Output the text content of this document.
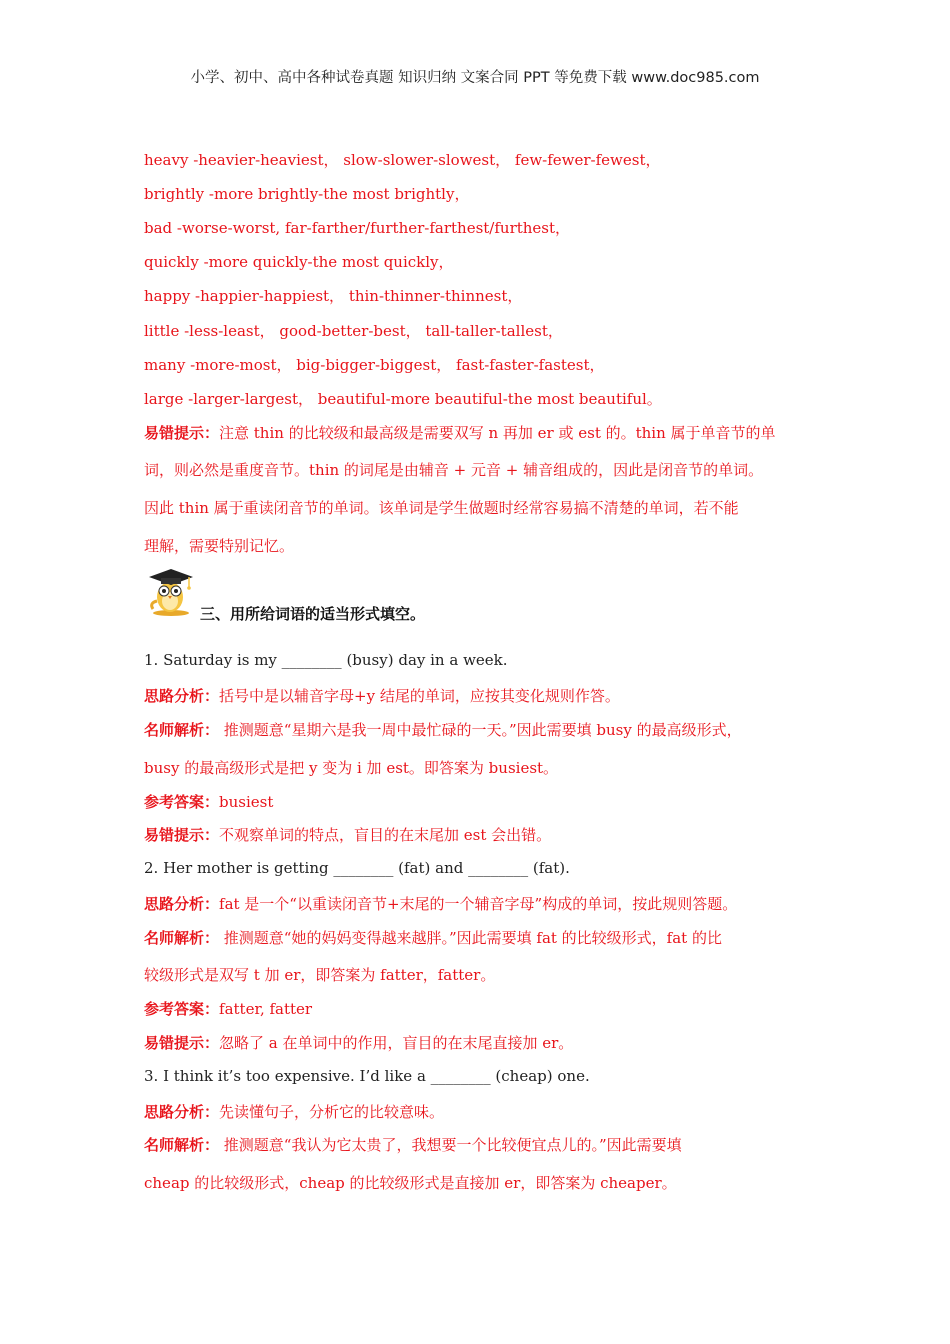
小学、初中、高中各种试卷真题 知识归纳 文案合同 PPT 等免费下载 www.doc985.com
heavy -heavier-heaviest， slow-slower-slowest， few-fewer-fewest，
brightly -more brightly-the most brightly，
bad -worse-worst, far-farther/further-farthest/furthest，
quickly -more quickly-the most quickly，
happy -happier-happiest， thin-thinner-thinnest，
little -less-least， good-better-best， tall-taller-tallest，
many -more-most， big-bigger-biggest， fast-faster-fastest，
large -larger-largest， beautiful-more beautiful-the most beautiful。
易错提示：注意 thin 的比较级和最高级是需要双写 n 再加 er 或 est 的。thin 属于单音节的单
词，则必然是重度音节。thin 的词尾是由辅音 + 元音 + 辅音组成的，因此是闭音节的单词。
因此 thin 属于重读闭音节的单词。该单词是学生做题时经常容易搞不清楚的单词，若不能
理解，需要特别记忆。
三、用所给词语的适当形式填空。
1. Saturday is my ________ (busy) day in a week.
思路分析：括号中是以辅音字母+y 结尾的单词，应按其变化规则作答。
名师解析： 推测题意“星期六是我一周中最忙碌的一天。”因此需要填 busy 的最高级形式，
busy 的最高级形式是把 y 变为 i 加 est。即答案为 busiest。
参考答案：busiest
易错提示：不观察单词的特点，盲目的在末尾加 est 会出错。
2. Her mother is getting ________ (fat) and ________ (fat).
思路分析：fat 是一个“以重读闭音节+末尾的一个辅音字母”构成的单词，按此规则答题。
名师解析： 推测题意“她的妈妈变得越来越胖。”因此需要填 fat 的比较级形式，fat 的比
较级形式是双写 t 加 er，即答案为 fatter，fatter。
参考答案：fatter, fatter
易错提示：忽略了 a 在单词中的作用，盲目的在末尾直接加 er。
3. I think it’s too expensive. I’d like a ________ (cheap) one.
思路分析：先读懂句子，分析它的比较意味。
名师解析： 推测题意“我认为它太贵了，我想要一个比较便宜点儿的。”因此需要填
cheap 的比较级形式，cheap 的比较级形式是直接加 er，即答案为 cheaper。
